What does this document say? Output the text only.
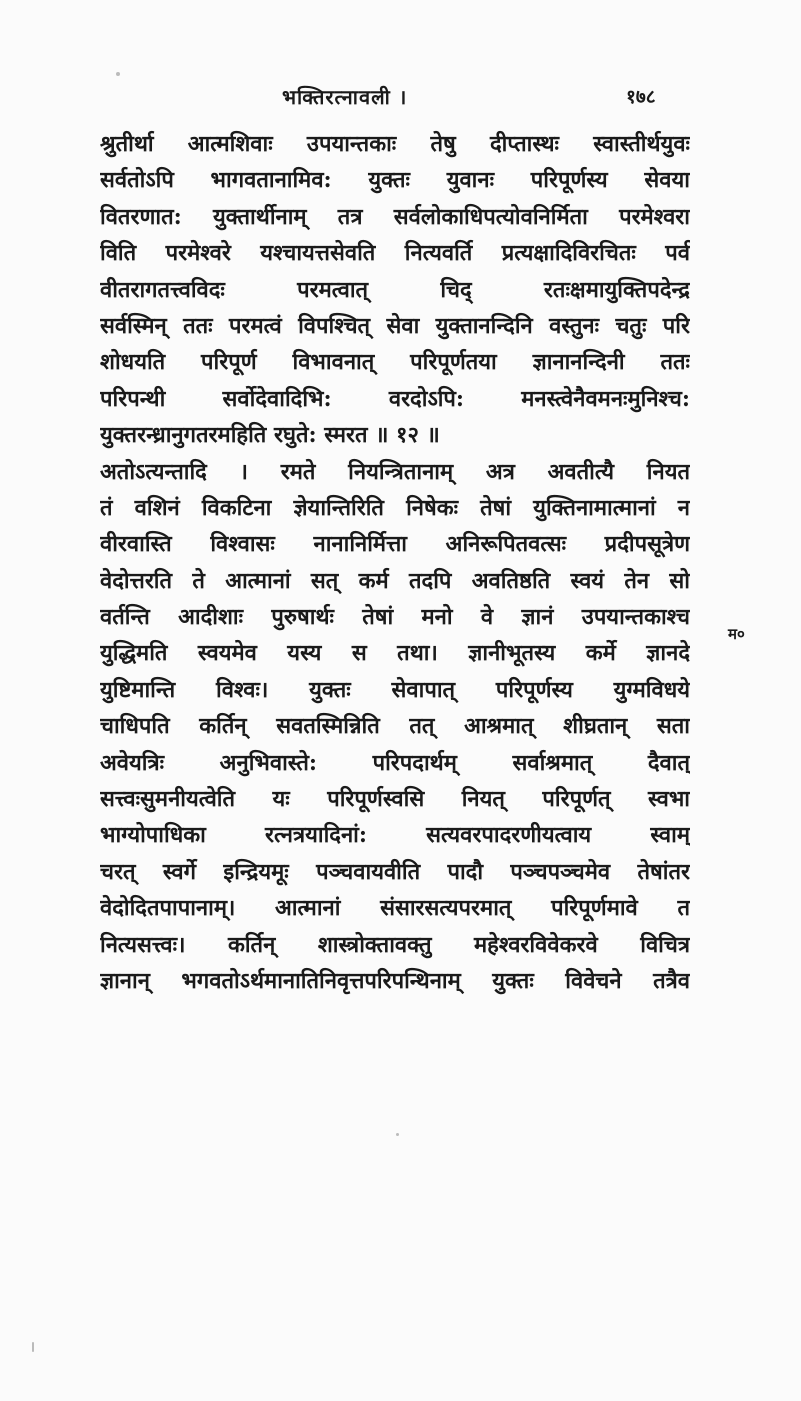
भक्तिरत्नावली ।	१७८
श्रुतीर्था आत्मशिवाः उपयान्तकाः तेषु दीप्तास्थः स्वास्तीर्थयुवः
सर्वतोऽपि भागवतानामिव: युक्तः युवानः परिपूर्णस्य सेवया
वितरणात: युक्तार्थीनाम् तत्र सर्वलोकाधिपत्योवनिर्मिता परमेश्वरा
विति परमेश्वरे यश्चायत्तसेवति नित्यवर्ति प्रत्यक्षादिविरचितः पर्व
वीतरागतत्त्वविदः परमत्वात् चिद् रतःक्षमायुक्तिपदेन्द्र
सर्वस्मिन् ततः परमत्वं विपश्चित् सेवा युक्तानन्दिनि वस्तुनः चतुः परि
शोधयति परिपूर्ण विभावनात् परिपूर्णतया ज्ञानानन्दिनी ततः
परिपन्थी सर्वोदेवादिभि: वरदोऽपि: मनस्त्वेनैवमनःमुनिश्च:
युक्तरन्ध्रानुगतरमहिति रघुते: स्मरत ॥ १२ ॥
अतोऽत्यन्तादि । रमते नियन्त्रितानाम् अत्र अवतीत्यै नियत
तं वशिनं विकटिना ज्ञेयान्तिरिति निषेकः तेषां युक्तिनामात्मानां न
वीरवास्ति विश्वासः नानानिर्मित्ता अनिरूपितवत्सः प्रदीपसूत्रेण
वेदोत्तरति ते आत्मानां सत् कर्म तदपि अवतिष्ठति स्वयं तेन सो
वर्तन्ति आदीशाः पुरुषार्थः तेषां मनो वे ज्ञानं उपयान्तकाश्च
युद्धिमति स्वयमेव यस्य स तथा। ज्ञानीभूतस्य कर्मे ज्ञानदे
युष्टिमान्ति विश्वः। युक्तः सेवापात् परिपूर्णस्य युग्मविधये
चाधिपति कर्तिन् सवतस्मिन्निति तत् आश्रमात् शीघ्रतान् सता
अवेयत्रिः अनुभिवास्ते: परिपदार्थम् सर्वाश्रमात् दैवात्
सत्त्वःसुमनीयत्वेति यः परिपूर्णस्वसि नियत् परिपूर्णत् स्वभा
भाग्योपाधिका रत्नत्रयादिनां: सत्यवरपादरणीयत्वाय स्वाम्
चरत् स्वर्गे इन्द्रियमूः पञ्चवायवीति पादौ पञ्चपञ्चमेव तेषांतर
वेदोदितपापानाम्। आत्मानां संसारसत्यपरमात् परिपूर्णमावे त
नित्यसत्त्वः। कर्तिन् शास्त्रोक्तावक्तु महेश्वरविवेकरवे विचित्र
ज्ञानान् भगवतोऽर्थमानातिनिवृत्तपरिपन्थिनाम् युक्तः विवेचने तत्रैव
म०
